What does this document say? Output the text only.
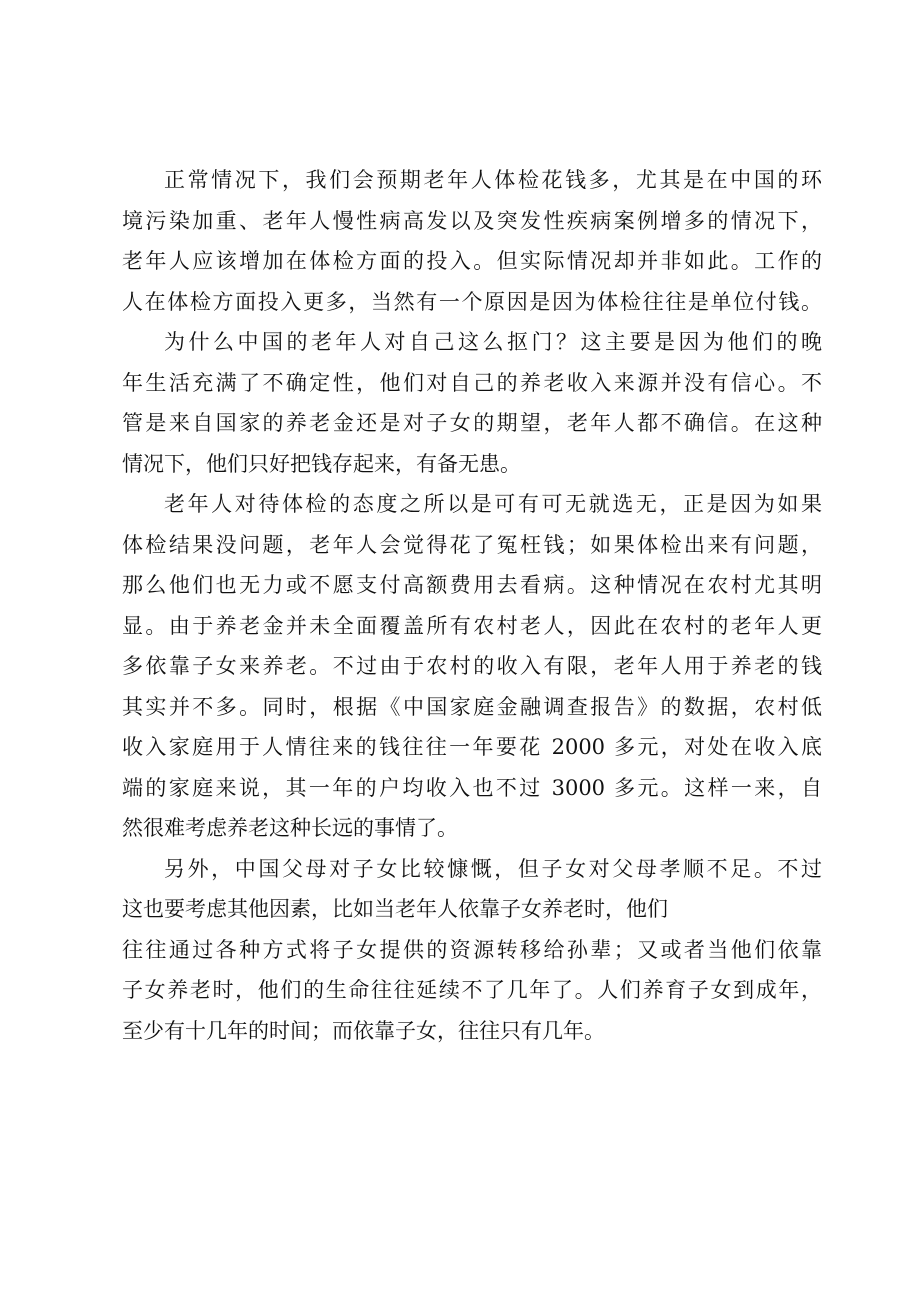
正常情况下，我们会预期老年人体检花钱多，尤其是在中国的环
境污染加重、老年人慢性病高发以及突发性疾病案例增多的情况下，
老年人应该增加在体检方面的投入。但实际情况却并非如此。工作的
人在体检方面投入更多，当然有一个原因是因为体检往往是单位付钱。
为什么中国的老年人对自己这么抠门？这主要是因为他们的晚
年生活充满了不确定性，他们对自己的养老收入来源并没有信心。不
管是来自国家的养老金还是对子女的期望，老年人都不确信。在这种
情况下，他们只好把钱存起来，有备无患。
老年人对待体检的态度之所以是可有可无就选无，正是因为如果
体检结果没问题，老年人会觉得花了冤枉钱；如果体检出来有问题，
那么他们也无力或不愿支付高额费用去看病。这种情况在农村尤其明
显。由于养老金并未全面覆盖所有农村老人，因此在农村的老年人更
多依靠子女来养老。不过由于农村的收入有限，老年人用于养老的钱
其实并不多。同时，根据《中国家庭金融调查报告》的数据，农村低
收入家庭用于人情往来的钱往往一年要花 2000 多元，对处在收入底
端的家庭来说，其一年的户均收入也不过 3000 多元。这样一来，自
然很难考虑养老这种长远的事情了。
另外，中国父母对子女比较慷慨，但子女对父母孝顺不足。不过
这也要考虑其他因素，比如当老年人依靠子女养老时，他们
往往通过各种方式将子女提供的资源转移给孙辈；又或者当他们依靠
子女养老时，他们的生命往往延续不了几年了。人们养育子女到成年，
至少有十几年的时间；而依靠子女，往往只有几年。
